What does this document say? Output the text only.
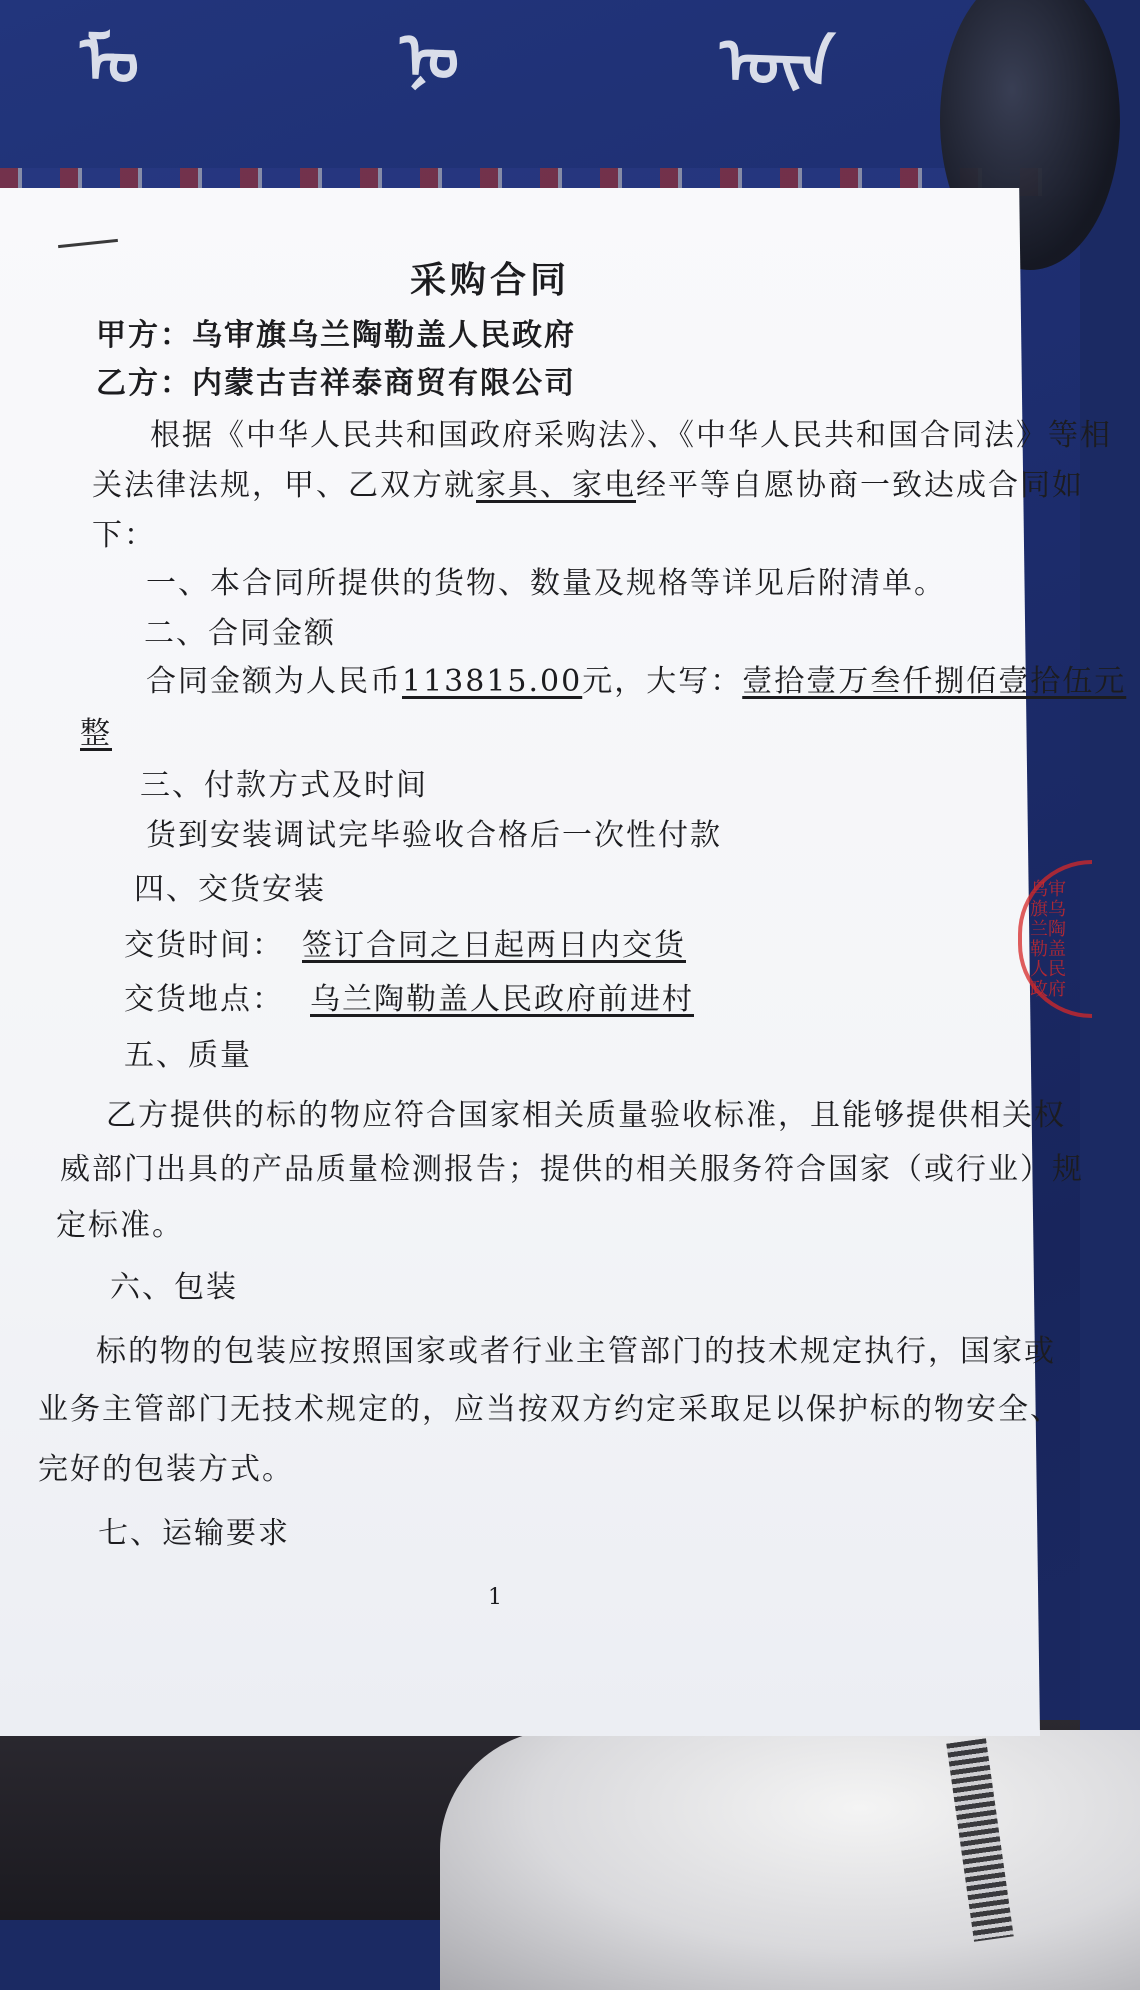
ᠮᠣ	ᠨᠣ	ᠦᠨ
采购合同
甲方：乌审旗乌兰陶勒盖人民政府
乙方：内蒙古吉祥泰商贸有限公司
根据《中华人民共和国政府采购法》、《中华人民共和国合同法》等相
关法律法规，甲、乙双方就家具、家电经平等自愿协商一致达成合同如
下：
一、本合同所提供的货物、数量及规格等详见后附清单。
二、合同金额
合同金额为人民币113815.00元，大写：壹拾壹万叁仟捌佰壹拾伍元
整
三、付款方式及时间
货到安装调试完毕验收合格后一次性付款
四、交货安装
交货时间： 签订合同之日起两日内交货
交货地点： 乌兰陶勒盖人民政府前进村
五、质量
乙方提供的标的物应符合国家相关质量验收标准，且能够提供相关权
威部门出具的产品质量检测报告；提供的相关服务符合国家（或行业）规
定标准。
六、包装
标的物的包装应按照国家或者行业主管部门的技术规定执行，国家或
业务主管部门无技术规定的，应当按双方约定采取足以保护标的物安全、
完好的包装方式。
七、运输要求
1
乌审旗乌兰陶勒盖人民政府
